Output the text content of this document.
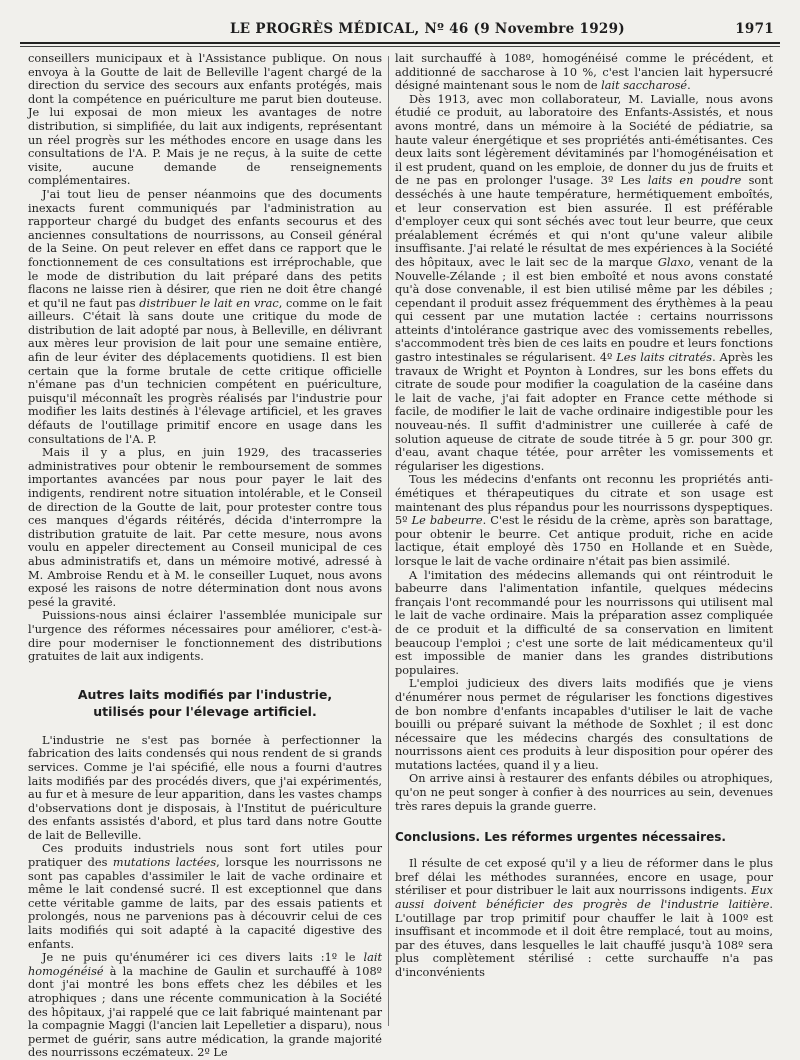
LE PROGRÈS MÉDICAL, Nº 46 (9 Novembre 1929)	1971

conseillers municipaux et à l'Assistance publique. On nous envoya à la Goutte de lait de Belleville l'agent chargé de la direction du service des secours aux enfants protégés, mais dont la compétence en puériculture me parut bien douteuse. Je lui exposai de mon mieux les avantages de notre distribution, si simplifiée, du lait aux indigents, représentant un réel progrès sur les méthodes encore en usage dans les consultations de l'A. P. Mais je ne reçus, à la suite de cette visite, aucune demande de renseignements complémentaires.

J'ai tout lieu de penser néanmoins que des documents inexacts furent communiqués par l'administration au rapporteur chargé du budget des enfants secourus et des anciennes consultations de nourrissons, au Conseil général de la Seine. On peut relever en effet dans ce rapport que le fonctionnement de ces consultations est irréprochable, que le mode de distribution du lait préparé dans des petits flacons ne laisse rien à désirer, que rien ne doit être changé et qu'il ne faut pas distribuer le lait en vrac, comme on le fait ailleurs. C'était là sans doute une critique du mode de distribution de lait adopté par nous, à Belleville, en délivrant aux mères leur provision de lait pour une semaine entière, afin de leur éviter des déplacements quotidiens. Il est bien certain que la forme brutale de cette critique officielle n'émane pas d'un technicien compétent en puériculture, puisqu'il méconnaît les progrès réalisés par l'industrie pour modifier les laits destinés à l'élevage artificiel, et les graves défauts de l'outillage primitif encore en usage dans les consultations de l'A. P.

Mais il y a plus, en juin 1929, des tracasseries administratives pour obtenir le remboursement de sommes importantes avancées par nous pour payer le lait des indigents, rendirent notre situation intolérable, et le Conseil de direction de la Goutte de lait, pour protester contre tous ces manques d'égards réitérés, décida d'interrompre la distribution gratuite de lait. Par cette mesure, nous avons voulu en appeler directement au Conseil municipal de ces abus administratifs et, dans un mémoire motivé, adressé à M. Ambroise Rendu et à M. le conseiller Luquet, nous avons exposé les raisons de notre détermination dont nous avons pesé la gravité.

Puissions-nous ainsi éclairer l'assemblée municipale sur l'urgence des réformes nécessaires pour améliorer, c'est-à-dire pour moderniser le fonctionnement des distributions gratuites de lait aux indigents.

Autres laits modifiés par l'industrie,
utilisés pour l'élevage artificiel.

L'industrie ne s'est pas bornée à perfectionner la fabrication des laits condensés qui nous rendent de si grands services. Comme je l'ai spécifié, elle nous a fourni d'autres laits modifiés par des procédés divers, que j'ai expérimentés, au fur et à mesure de leur apparition, dans les vastes champs d'observations dont je disposais, à l'Institut de puériculture des enfants assistés d'abord, et plus tard dans notre Goutte de lait de Belleville.

Ces produits industriels nous sont fort utiles pour pratiquer des mutations lactées, lorsque les nourrissons ne sont pas capables d'assimiler le lait de vache ordinaire et même le lait condensé sucré. Il est exceptionnel que dans cette véritable gamme de laits, par des essais patients et prolongés, nous ne parvenions pas à découvrir celui de ces laits modifiés qui soit adapté à la capacité digestive des enfants.

Je ne puis qu'énumérer ici ces divers laits :1º le lait homogénéisé à la machine de Gaulin et surchauffé à 108º dont j'ai montré les bons effets chez les débiles et les atrophiques ; dans une récente communication à la Société des hôpitaux, j'ai rappelé que ce lait fabriqué maintenant par la compagnie Maggi (l'ancien lait Lepelletier a disparu), nous permet de guérir, sans autre médication, la grande majorité des nourrissons eczémateux. 2º Le

lait surchauffé à 108º, homogénéisé comme le précédent, et additionné de saccharose à 10 %, c'est l'ancien lait hypersucré désigné maintenant sous le nom de lait saccharosé.

Dès 1913, avec mon collaborateur, M. Lavialle, nous avons étudié ce produit, au laboratoire des Enfants-Assistés, et nous avons montré, dans un mémoire à la Société de pédiatrie, sa haute valeur énergétique et ses propriétés anti-émétisantes. Ces deux laits sont légèrement dévitaminés par l'homogénéisation et il est prudent, quand on les emploie, de donner du jus de fruits et de ne pas en prolonger l'usage. 3º Les laits en poudre sont desséchés à une haute température, hermétiquement emboîtés, et leur conservation est bien assurée. Il est préférable d'employer ceux qui sont séchés avec tout leur beurre, que ceux préalablement écrémés et qui n'ont qu'une valeur alibile insuffisante. J'ai relaté le résultat de mes expériences à la Société des hôpitaux, avec le lait sec de la marque Glaxo, venant de la Nouvelle-Zélande ; il est bien emboîté et nous avons constaté qu'à dose convenable, il est bien utilisé même par les débiles ; cependant il produit assez fréquemment des érythèmes à la peau qui cessent par une mutation lactée : certains nourrissons atteints d'intolérance gastrique avec des vomissements rebelles, s'accommodent très bien de ces laits en poudre et leurs fonctions gastro intestinales se régularisent. 4º Les laits citratés. Après les travaux de Wright et Poynton à Londres, sur les bons effets du citrate de soude pour modifier la coagulation de la caséine dans le lait de vache, j'ai fait adopter en France cette méthode si facile, de modifier le lait de vache ordinaire indigestible pour les nouveau-nés. Il suffit d'administrer une cuillerée à café de solution aqueuse de citrate de soude titrée à 5 gr. pour 300 gr. d'eau, avant chaque tétée, pour arrêter les vomissements et régulariser les digestions.

Tous les médecins d'enfants ont reconnu les propriétés anti-émétiques et thérapeutiques du citrate et son usage est maintenant des plus répandus pour les nourrissons dyspeptiques. 5º Le babeurre. C'est le résidu de la crème, après son barattage, pour obtenir le beurre. Cet antique produit, riche en acide lactique, était employé dès 1750 en Hollande et en Suède, lorsque le lait de vache ordinaire n'était pas bien assimilé.

A l'imitation des médecins allemands qui ont réintroduit le babeurre dans l'alimentation infantile, quelques médecins français l'ont recommandé pour les nourrissons qui utilisent mal le lait de vache ordinaire. Mais la préparation assez compliquée de ce produit et la difficulté de sa conservation en limitent beaucoup l'emploi ; c'est une sorte de lait médicamenteux qu'il est impossible de manier dans les grandes distributions populaires.

L'emploi judicieux des divers laits modifiés que je viens d'énumérer nous permet de régulariser les fonctions digestives de bon nombre d'enfants incapables d'utiliser le lait de vache bouilli ou préparé suivant la méthode de Soxhlet ; il est donc nécessaire que les médecins chargés des consultations de nourrissons aient ces produits à leur disposition pour opérer des mutations lactées, quand il y a lieu.

On arrive ainsi à restaurer des enfants débiles ou atrophiques, qu'on ne peut songer à confier à des nourrices au sein, devenues très rares depuis la grande guerre.

Conclusions. Les réformes urgentes nécessaires.

Il résulte de cet exposé qu'il y a lieu de réformer dans le plus bref délai les méthodes surannées, encore en usage, pour stériliser et pour distribuer le lait aux nourrissons indigents. Eux aussi doivent bénéficier des progrès de l'industrie laitière. L'outillage par trop primitif pour chauffer le lait à 100º est insuffisant et incommode et il doit être remplacé, tout au moins, par des étuves, dans lesquelles le lait chauffé jusqu'à 108º sera plus complètement stérilisé : cette surchauffe n'a pas d'inconvénients
